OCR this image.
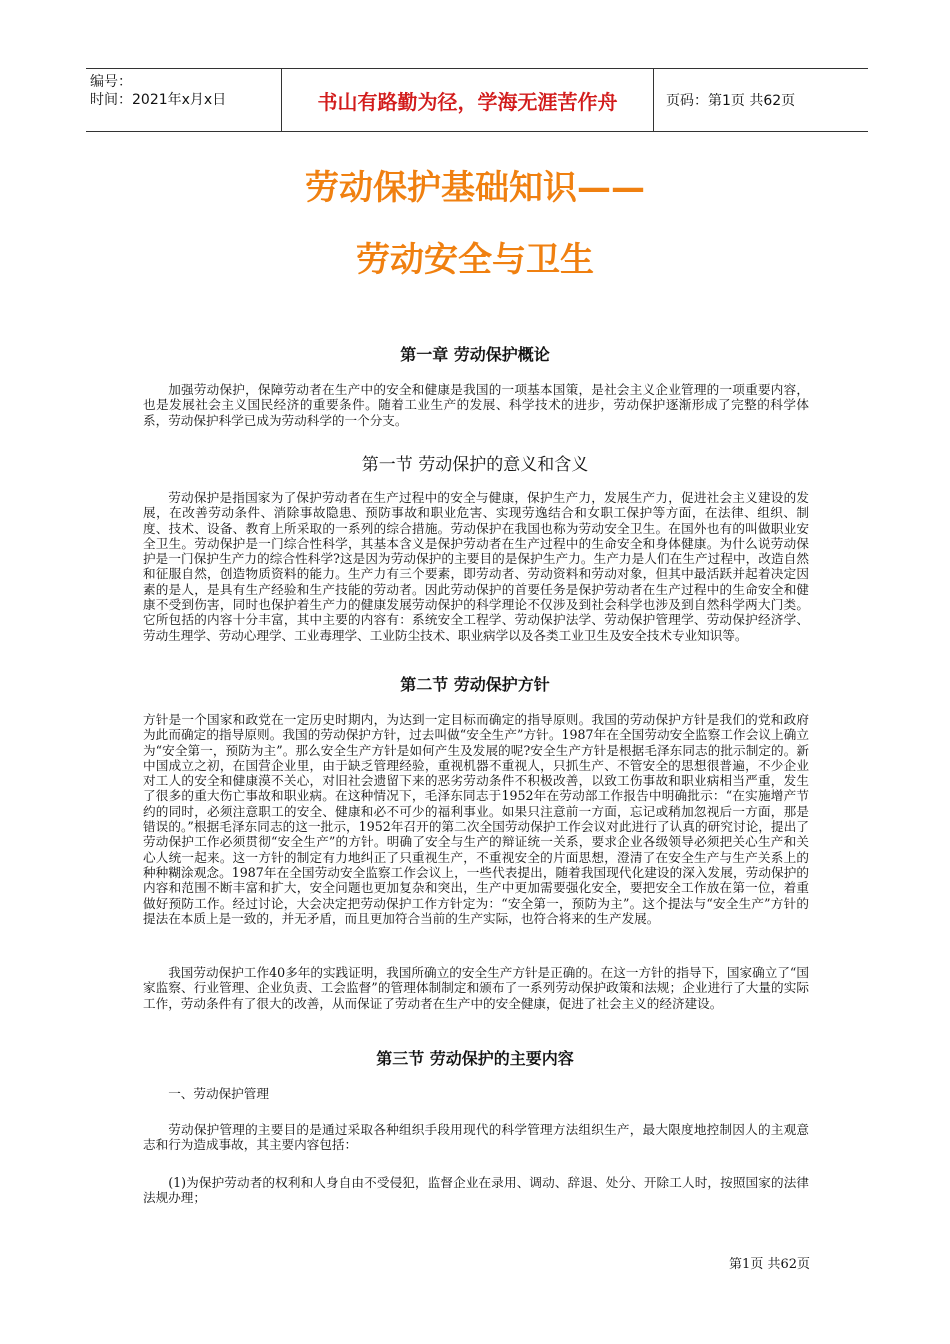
编号：
时间：2021年x月x日	书山有路勤为径，学海无涯苦作舟	页码：第1页 共62页
劳动保护基础知识——
劳动安全与卫生
第一章 劳动保护概论

加强劳动保护，保障劳动者在生产中的安全和健康是我国的一项基本国策，是社会主义企业管理的一项重要内容，也是发展社会主义国民经济的重要条件。随着工业生产的发展、科学技术的进步，劳动保护逐渐形成了完整的科学体系，劳动保护科学已成为劳动科学的一个分支。

第一节 劳动保护的意义和含义

劳动保护是指国家为了保护劳动者在生产过程中的安全与健康，保护生产力，发展生产力，促进社会主义建设的发展，在改善劳动条件、消除事故隐患、预防事故和职业危害、实现劳逸结合和女职工保护等方面，在法律、组织、制度、技术、设备、教育上所采取的一系列的综合措施。劳动保护在我国也称为劳动安全卫生。在国外也有的叫做职业安全卫生。劳动保护是一门综合性科学，其基本含义是保护劳动者在生产过程中的生命安全和身体健康。为什么说劳动保护是一门保护生产力的综合性科学?这是因为劳动保护的主要目的是保护生产力。生产力是人们在生产过程中，改造自然和征服自然，创造物质资料的能力。生产力有三个要素，即劳动者、劳动资料和劳动对象，但其中最活跃并起着决定因素的是人，是具有生产经验和生产技能的劳动者。因此劳动保护的首要任务是保护劳动者在生产过程中的生命安全和健康不受到伤害，同时也保护着生产力的健康发展劳动保护的科学理论不仅涉及到社会科学也涉及到自然科学两大门类。它所包括的内容十分丰富，其中主要的内容有：系统安全工程学、劳动保护法学、劳动保护管理学、劳动保护经济学、劳动生理学、劳动心理学、工业毒理学、工业防尘技术、职业病学以及各类工业卫生及安全技术专业知识等。

第二节 劳动保护方针

方针是一个国家和政党在一定历史时期内，为达到一定目标而确定的指导原则。我国的劳动保护方针是我们的党和政府为此而确定的指导原则。我国的劳动保护方针，过去叫做“安全生产”方针。1987年在全国劳动安全监察工作会议上确立为“安全第一，预防为主”。那么安全生产方针是如何产生及发展的呢?安全生产方针是根据毛泽东同志的批示制定的。新中国成立之初，在国营企业里，由于缺乏管理经验，重视机器不重视人，只抓生产、不管安全的思想很普遍，不少企业对工人的安全和健康漠不关心，对旧社会遗留下来的恶劣劳动条件不积极改善，以致工伤事故和职业病相当严重，发生了很多的重大伤亡事故和职业病。在这种情况下，毛泽东同志于1952年在劳动部工作报告中明确批示：“在实施增产节约的同时，必须注意职工的安全、健康和必不可少的福利事业。如果只注意前一方面，忘记或稍加忽视后一方面，那是错误的。”根据毛泽东同志的这一批示，1952年召开的第二次全国劳动保护工作会议对此进行了认真的研究讨论，提出了劳动保护工作必须贯彻“安全生产”的方针。明确了安全与生产的辩证统一关系，要求企业各级领导必须把关心生产和关心人统一起来。这一方针的制定有力地纠正了只重视生产，不重视安全的片面思想，澄清了在安全生产与生产关系上的种种糊涂观念。1987年在全国劳动安全监察工作会议上，一些代表提出，随着我国现代化建设的深入发展，劳动保护的内容和范围不断丰富和扩大，安全问题也更加复杂和突出，生产中更加需要强化安全，要把安全工作放在第一位，着重做好预防工作。经过讨论，大会决定把劳动保护工作方针定为：“安全第一，预防为主”。这个提法与“安全生产”方针的提法在本质上是一致的，并无矛盾，而且更加符合当前的生产实际，也符合将来的生产发展。

我国劳动保护工作40多年的实践证明，我国所确立的安全生产方针是正确的。在这一方针的指导下，国家确立了“国家监察、行业管理、企业负责、工会监督”的管理体制制定和颁布了一系列劳动保护政策和法规；企业进行了大量的实际工作，劳动条件有了很大的改善，从而保证了劳动者在生产中的安全健康，促进了社会主义的经济建设。

第三节 劳动保护的主要内容

一、劳动保护管理

劳动保护管理的主要目的是通过采取各种组织手段用现代的科学管理方法组织生产，最大限度地控制因人的主观意志和行为造成事故，其主要内容包括：

(1)为保护劳动者的权利和人身自由不受侵犯，监督企业在录用、调动、辞退、处分、开除工人时，按照国家的法律法规办理；

第1页 共62页
